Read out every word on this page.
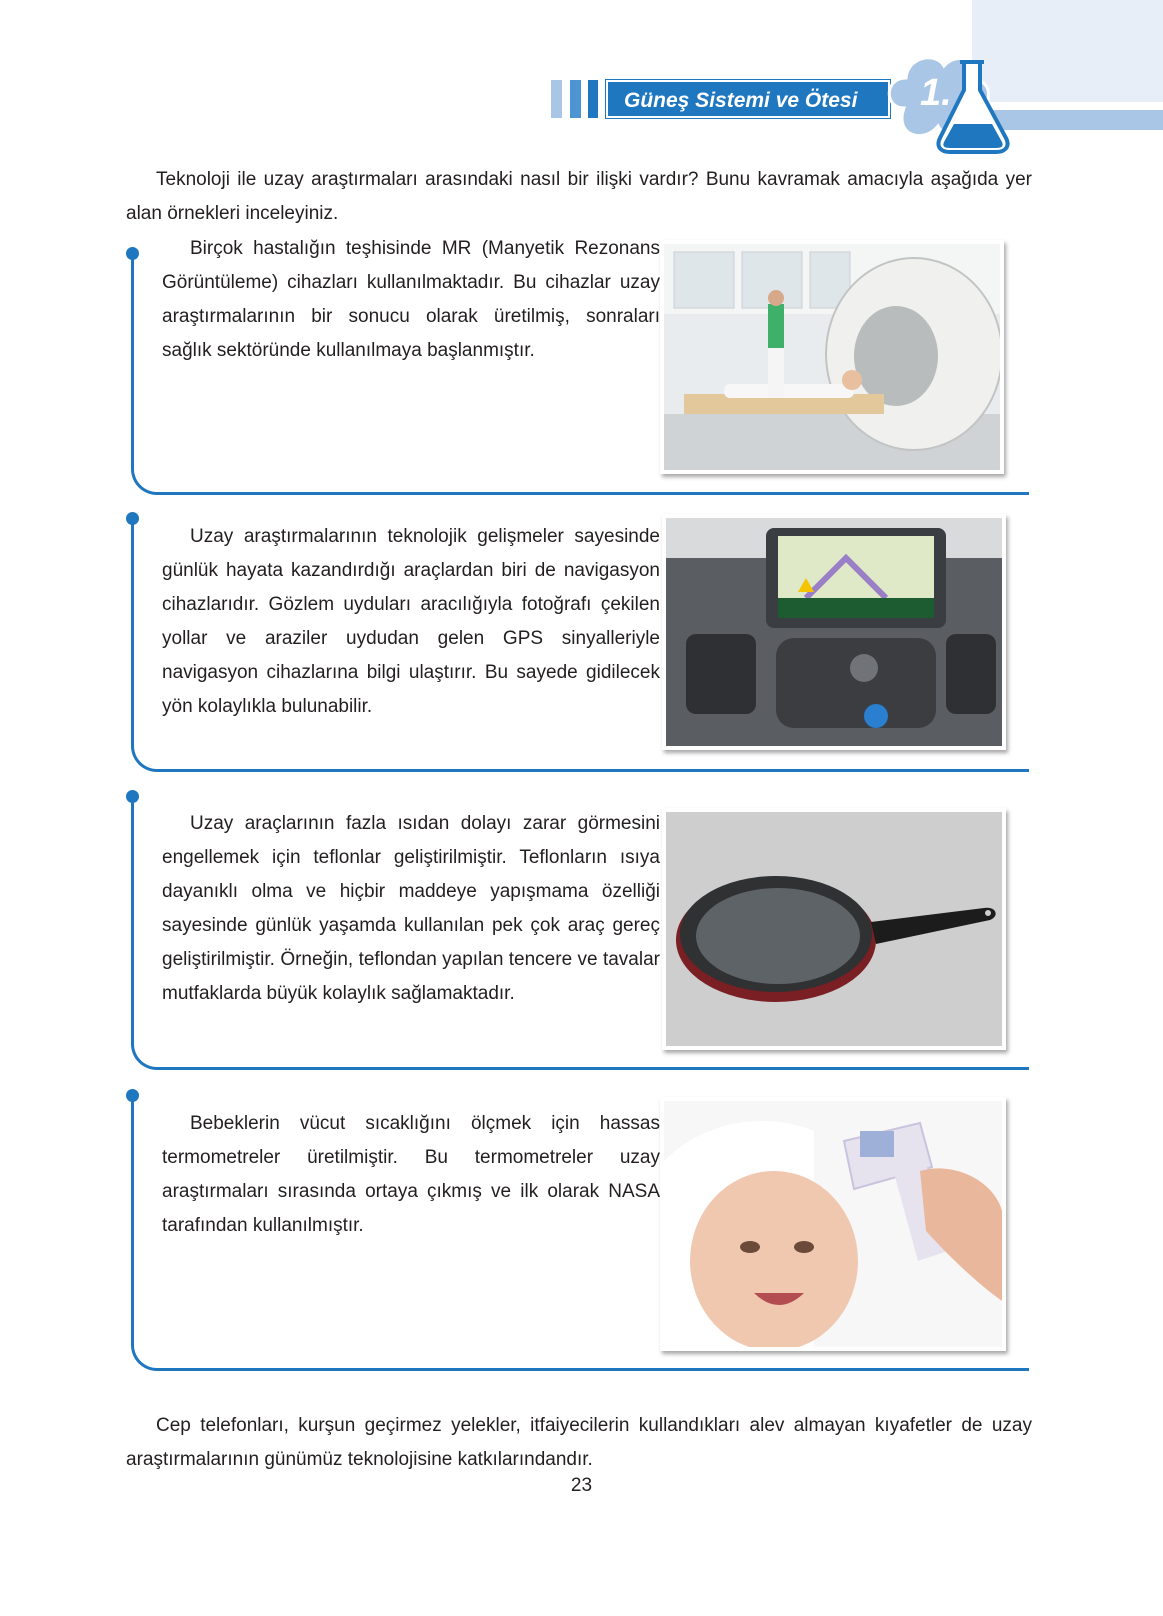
Güneş Sistemi ve Ötesi 1.

Teknoloji ile uzay araştırmaları arasındaki nasıl bir ilişki vardır? Bunu kavramak amacıyla aşağıda yer alan örnekleri inceleyiniz.

Birçok hastalığın teşhisinde MR (Manyetik Rezonans Görüntüleme) cihazları kullanılmaktadır. Bu cihazlar uzay araştırmalarının bir sonucu olarak üretilmiş, sonraları sağlık sektöründe kullanılmaya başlanmıştır.

Uzay araştırmalarının teknolojik gelişmeler sayesinde günlük hayata kazandırdığı araçlardan biri de navigasyon cihazlarıdır. Gözlem uyduları aracılığıyla fotoğrafı çekilen yollar ve araziler uydudan gelen GPS sinyalleriyle navigasyon cihazlarına bilgi ulaştırır. Bu sayede gidilecek yön kolaylıkla bulunabilir.

Uzay araçlarının fazla ısıdan dolayı zarar görmesini engellemek için teflonlar geliştirilmiştir. Teflonların ısıya dayanıklı olma ve hiçbir maddeye yapışmama özelliği sayesinde günlük yaşamda kullanılan pek çok araç gereç geliştirilmiştir. Örneğin, teflondan yapılan tencere ve tavalar mutfaklarda büyük kolaylık sağlamaktadır.

Bebeklerin vücut sıcaklığını ölçmek için hassas termometreler üretilmiştir. Bu termometreler uzay araştırmaları sırasında ortaya çıkmış ve ilk olarak NASA tarafından kullanılmıştır.

Cep telefonları, kurşun geçirmez yelekler, itfaiyecilerin kullandıkları alev almayan kıyafetler de uzay araştırmalarının günümüz teknolojisine katkılarındandır.

23
